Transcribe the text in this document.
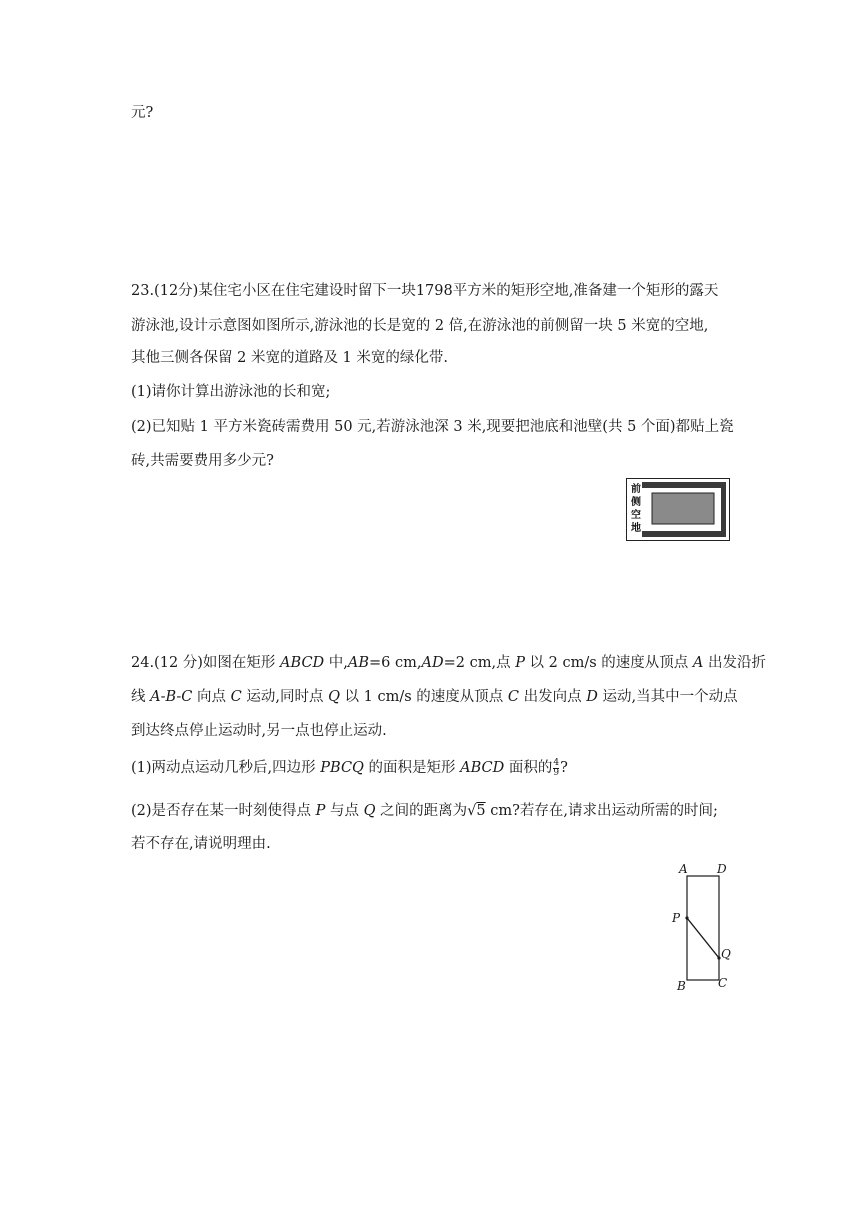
元?
23.(12分)某住宅小区在住宅建设时留下一块1798平方米的矩形空地,准备建一个矩形的露天
游泳池,设计示意图如图所示,游泳池的长是宽的 2 倍,在游泳池的前侧留一块 5 米宽的空地,
其他三侧各保留 2 米宽的道路及 1 米宽的绿化带.
(1)请你计算出游泳池的长和宽;
(2)已知贴 1 平方米瓷砖需费用 50 元,若游泳池深 3 米,现要把池底和池壁(共 5 个面)都贴上瓷
砖,共需要费用多少元?
前
侧
空
地
24.(12 分)如图在矩形 ABCD 中,AB=6 cm,AD=2 cm,点 P 以 2 cm/s 的速度从顶点 A 出发沿折
线 A-B-C 向点 C 运动,同时点 Q 以 1 cm/s 的速度从顶点 C 出发向点 D 运动,当其中一个动点
到达终点停止运动时,另一点也停止运动.
(1)两动点运动几秒后,四边形 PBCQ 的面积是矩形 ABCD 面积的 $\frac{4}{9}$ ?
(2)是否存在某一时刻使得点 P 与点 Q 之间的距离为√5 cm?若存在,请求出运动所需的时间;
若不存在,请说明理由.
A D
P
Q
B	C
